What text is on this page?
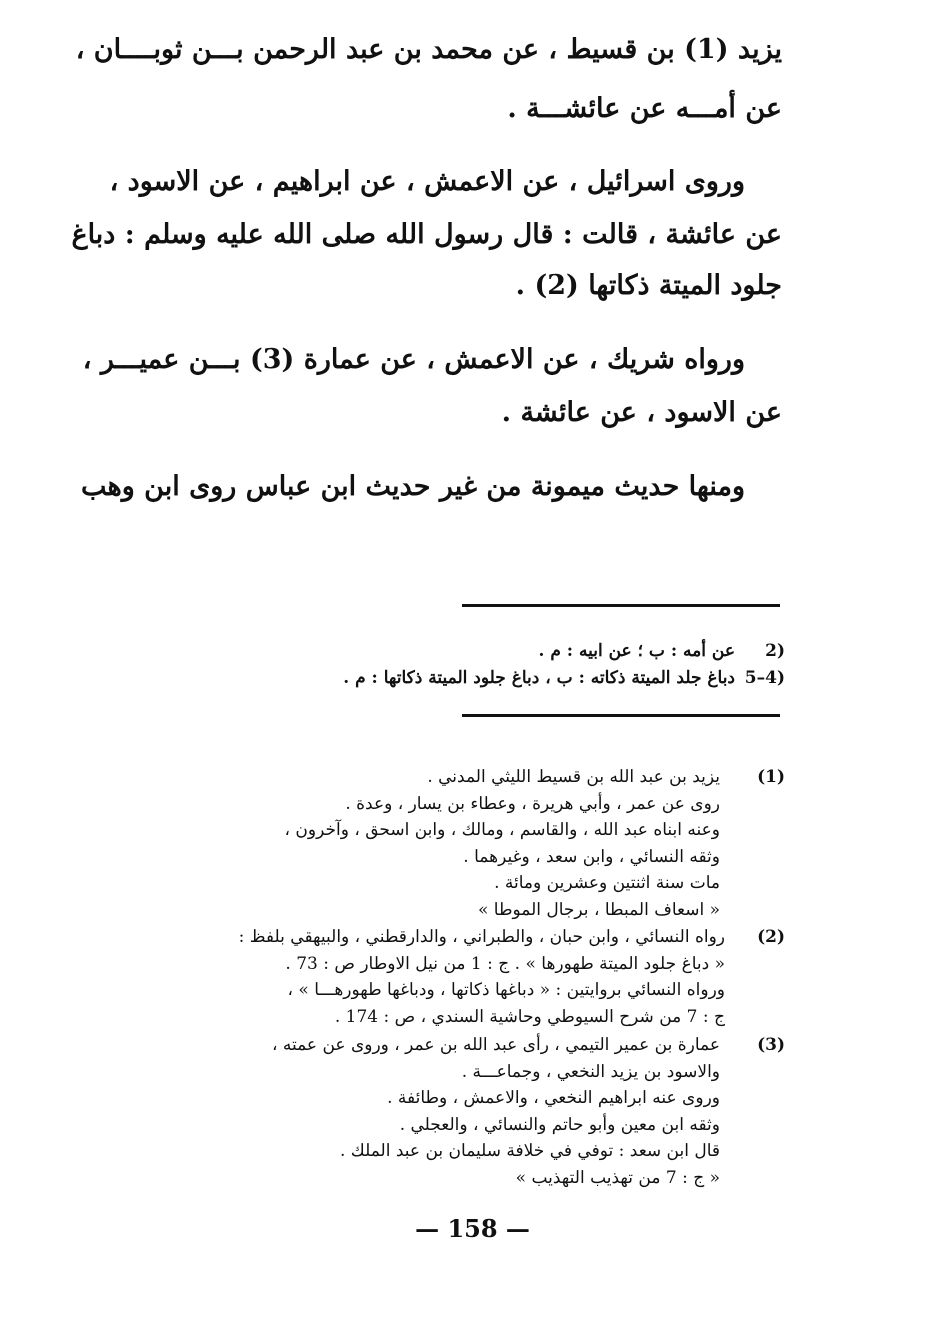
يزيد (1) بن قسيط ، عن محمد بن عبد الرحمن بـــن ثوبــــان ،
عن أمـــه عن عائشـــة .
وروى اسرائيل ، عن الاعمش ، عن ابراهيم ، عن الاسود ،
عن عائشة ، قالت : قال رسول الله صلى الله عليه وسلم : دباغ
جلود الميتة ذكاتها (2) .
ورواه شريك ، عن الاعمش ، عن عمارة (3) بـــن عميـــر ،
عن الاسود ، عن عائشة .
ومنها حديث ميمونة من غير حديث ابن عباس روى ابن وهب
2)
عن أمه : ب ؛ عن ابيه : م .
5–4)
دباغ جلد الميتة ذكاته : ب ، دباغ جلود الميتة ذكاتها : م .
(1)
يزيد بن عبد الله بن قسيط الليثي المدني .
روى عن عمر ، وأبي هريرة ، وعطاء بن يسار ، وعدة .
وعنه ابناه عبد الله ، والقاسم ، ومالك ، وابن اسحق ، وآخرون ،
وثقه النسائي ، وابن سعد ، وغيرهما .
مات سنة اثنتين وعشرين ومائة .
« اسعاف المبطا ، برجال الموطا »
(2)
رواه النسائي ، وابن حبان ، والطبراني ، والدارقطني ، والبيهقي بلفظ :
« دباغ جلود الميتة طهورها » . ج : 1 من نيل الاوطار ص : 73 .
ورواه النسائي بروايتين : « دباغها ذكاتها ، ودباغها طهورهـــا » ،
ج : 7 من شرح السيوطي وحاشية السندي ، ص : 174 .
(3)
عمارة بن عمير التيمي ، رأى عبد الله بن عمر ، وروى عن عمته ،
والاسود بن يزيد النخعي ، وجماعـــة .
وروى عنه ابراهيم النخعي ، والاعمش ، وطائفة .
وثقه ابن معين وأبو حاتم والنسائي ، والعجلي .
قال ابن سعد : توفي في خلافة سليمان بن عبد الملك .
« ج : 7 من تهذيب التهذيب »
— 158 —
